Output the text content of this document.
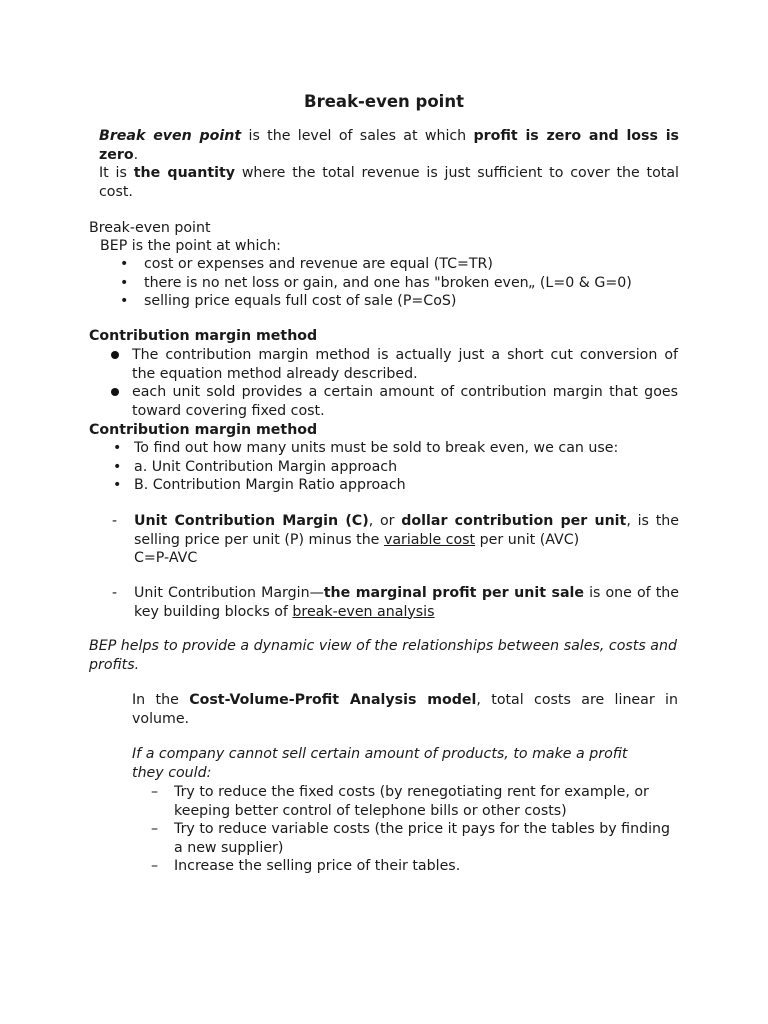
Break-even point
Break even point is the level of sales at which profit is zero and loss is zero.
It is the quantity where the total revenue is just sufficient to cover the total cost.
Break-even point
BEP is the point at which:
• cost or expenses and revenue are equal (TC=TR)
• there is no net loss or gain, and one has "broken even„ (L=0 & G=0)
• selling price equals full cost of sale (P=CoS)
Contribution margin method
The contribution margin method is actually just a short cut conversion of the equation method already described.
each unit sold provides a certain amount of contribution margin that goes toward covering fixed cost.
Contribution margin method
• To find out how many units must be sold to break even, we can use:
• a. Unit Contribution Margin approach
• B. Contribution Margin Ratio approach
- Unit Contribution Margin (C), or dollar contribution per unit, is the selling price per unit (P) minus the variable cost per unit (AVC)
C=P-AVC
- Unit Contribution Margin—the marginal profit per unit sale is one of the key building blocks of break-even analysis
BEP helps to provide a dynamic view of the relationships between sales, costs and profits.
In the Cost-Volume-Profit Analysis model, total costs are linear in volume.
If a company cannot sell certain amount of products, to make a profit they could:
– Try to reduce the fixed costs (by renegotiating rent for example, or keeping better control of telephone bills or other costs)
– Try to reduce variable costs (the price it pays for the tables by finding a new supplier)
– Increase the selling price of their tables.
